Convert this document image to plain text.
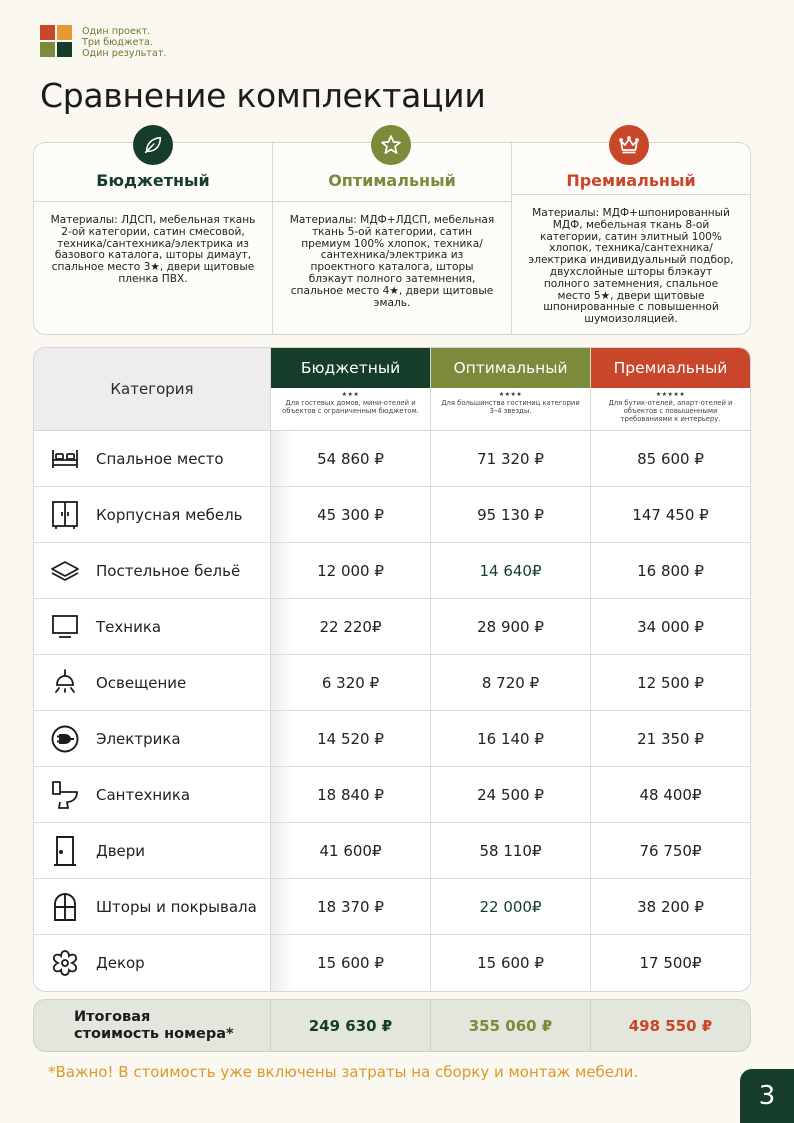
Один проект.
Три бюджета.
Один результат.
Сравнение комплектации
Бюджетный
Материалы: ЛДСП, мебельная ткань 2-ой категории, сатин смесовой, техника/сантехника/электрика из базового каталога, шторы димаут, спальное место 3★, двери щитовые пленка ПВХ.
Оптимальный
Материалы: МДФ+ЛДСП, мебельная ткань 5-ой категории, сатин премиум 100% хлопок, техника/сантехника/электрика из проектного каталога, шторы блэкаут полного затемнения, спальное место 4★, двери щитовые эмаль.
Премиальный
Материалы: МДФ+шпонированный МДФ, мебельная ткань 8-ой категории, сатин элитный 100% хлопок, техника/сантехника/электрика индивидуальный подбор, двухслойные шторы блэкаут полного затемнения, спальное место 5★, двери щитовые шпонированные с повышенной шумоизоляцией.
Категория
Бюджетный
★★★
Для гостевых домов, мини-отелей и объектов с ограниченным бюджетом.
Оптимальный
★★★★
Для большинства гостиниц категории 3–4 звезды.
Премиальный
★★★★★
Для бутик-отелей, апарт-отелей и объектов с повышенными требованиями к интерьеру.
Спальное место	54 860 ₽	71 320 ₽	85 600 ₽
Корпусная мебель	45 300 ₽	95 130 ₽	147 450 ₽
Постельное бельё	12 000 ₽	14 640₽	16 800 ₽
Техника	22 220₽	28 900 ₽	34 000 ₽
Освещение	6 320 ₽	8 720 ₽	12 500 ₽
Электрика	14 520 ₽	16 140 ₽	21 350 ₽
Сантехника	18 840 ₽	24 500 ₽	48 400₽
Двери	41 600₽	58 110₽	76 750₽
Шторы и покрывала	18 370 ₽	22 000₽	38 200 ₽
Декор	15 600 ₽	15 600 ₽	17 500₽
Итоговая
стоимость номера*	249 630 ₽	355 060 ₽	498 550 ₽
*Важно! В стоимость уже включены затраты на сборку и монтаж мебели.
3
